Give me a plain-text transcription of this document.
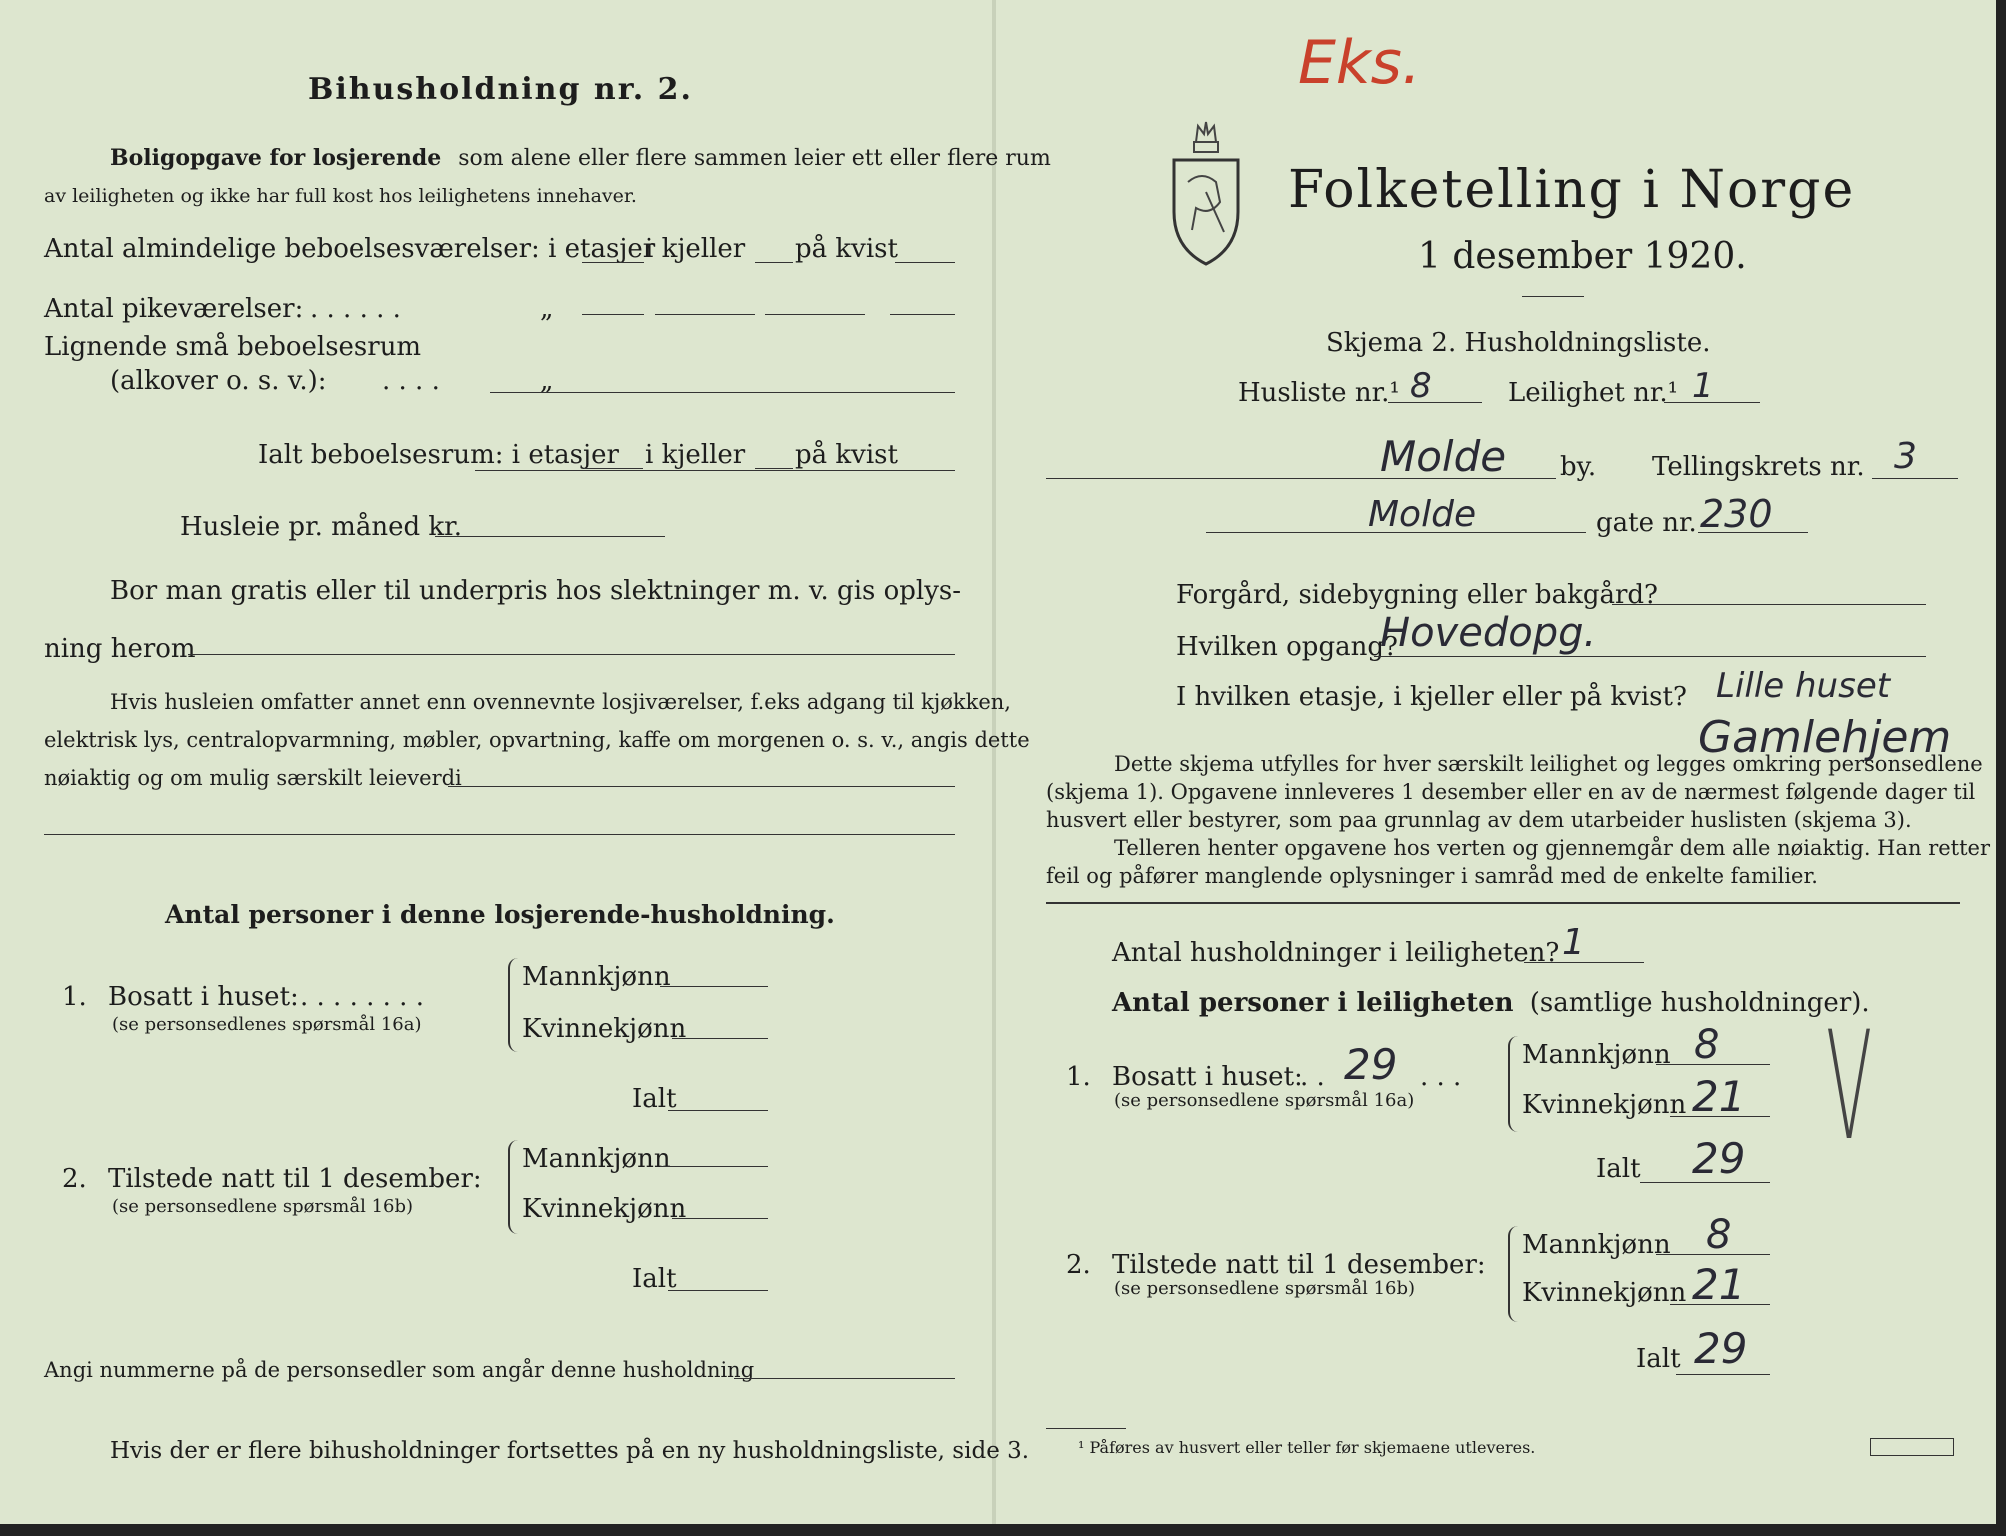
Bihusholdning nr. 2.
Boligopgave for losjerende som alene eller flere sammen leier ett eller flere rum
av leiligheten og ikke har full kost hos leilighetens innehaver.
Antal almindelige beboelsesværelser: i etasjer
i kjeller på kvist
Antal pikeværelser: . . . . . .	„
Lignende små beboelsesrum
(alkover o. s. v.): . . . .	„
Ialt beboelsesrum: i etasjer i kjeller på kvist
Husleie pr. måned kr.
Bor man gratis eller til underpris hos slektninger m. v. gis oplys-
ning herom
Hvis husleien omfatter annet enn ovennevnte losjiværelser, f.eks adgang til kjøkken,
elektrisk lys, centralopvarmning, møbler, opvartning, kaffe om morgenen o. s. v., angis dette
nøiaktig og om mulig særskilt leieverdi
Antal personer i denne losjerende-husholdning.
1. Bosatt i huset: . . . . . . . .
(se personsedlenes spørsmål 16a)
Mannkjønn
Kvinnekjønn
Ialt
2. Tilstede natt til 1 desember:
(se personsedlene spørsmål 16b)
Mannkjønn
Kvinnekjønn
Ialt
Angi nummerne på de personsedler som angår denne husholdning
Hvis der er flere bihusholdninger fortsettes på en ny husholdningsliste, side 3.
Eks.
Folketelling i Norge
1 desember 1920.
Skjema 2. Husholdningsliste.
Husliste nr.¹ 8	Leilighet nr.¹ 1
Molde by. Tellingskrets nr. 3
Molde	gate nr. 230
Forgård, sidebygning eller bakgård?
Hvilken opgang?
Hovedopg.
I hvilken etasje, i kjeller eller på kvist? Lille huset
Gamlehjem
Dette skjema utfylles for hver særskilt leilighet og legges omkring personsedlene
(skjema 1). Opgavene innleveres 1 desember eller en av de nærmest følgende dager til
husvert eller bestyrer, som paa grunnlag av dem utarbeider huslisten (skjema 3).
Telleren henter opgavene hos verten og gjennemgår dem alle nøiaktig. Han retter
feil og påfører manglende oplysninger i samråd med de enkelte familier.
Antal husholdninger i leiligheten? 1
Antal personer i leiligheten (samtlige husholdninger).
V
1. Bosatt i huset: 29
. .	. . .
(se personsedlene spørsmål 16a)
Mannkjønn 8
Kvinnekjønn 21
Ialt 29
2. Tilstede natt til 1 desember:
(se personsedlene spørsmål 16b)
Mannkjønn 8
Kvinnekjønn 21
Ialt 29
¹ Påføres av husvert eller teller før skjemaene utleveres.
